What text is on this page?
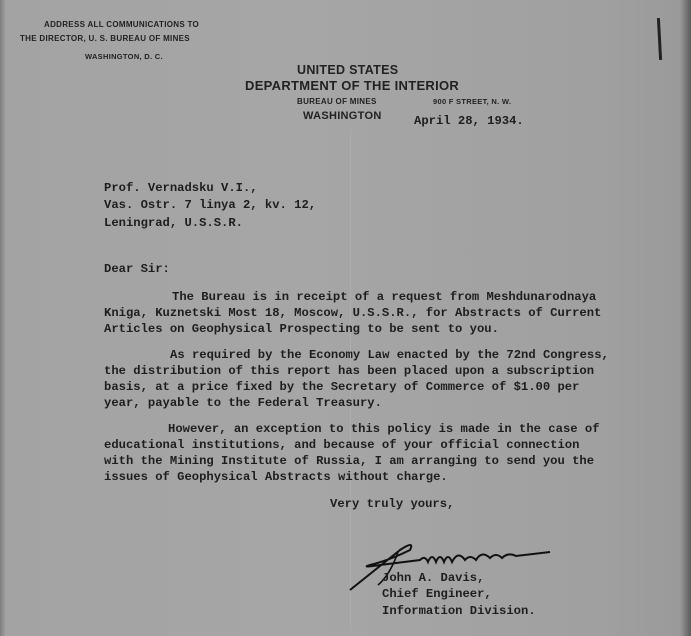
ADDRESS ALL COMMUNICATIONS TO
THE DIRECTOR, U. S. BUREAU OF MINES
WASHINGTON, D. C.
UNITED STATES
DEPARTMENT OF THE INTERIOR
BUREAU OF MINES	900 F STREET, N. W.
WASHINGTON	April 28, 1934.
Prof. Vernadsku V.I.,
Vas. Ostr. 7 linya 2, kv. 12,
Leningrad, U.S.S.R.
Dear Sir:
The Bureau is in receipt of a request from Meshdunarodnaya
Kniga, Kuznetski Most 18, Moscow, U.S.S.R., for Abstracts of Current
Articles on Geophysical Prospecting to be sent to you.
As required by the Economy Law enacted by the 72nd Congress,
the distribution of this report has been placed upon a subscription
basis, at a price fixed by the Secretary of Commerce of $1.00 per
year, payable to the Federal Treasury.
However, an exception to this policy is made in the case of
educational institutions, and because of your official connection
with the Mining Institute of Russia, I am arranging to send you the
issues of Geophysical Abstracts without charge.
Very truly yours,
John A. Davis,
Chief Engineer,
Information Division.
